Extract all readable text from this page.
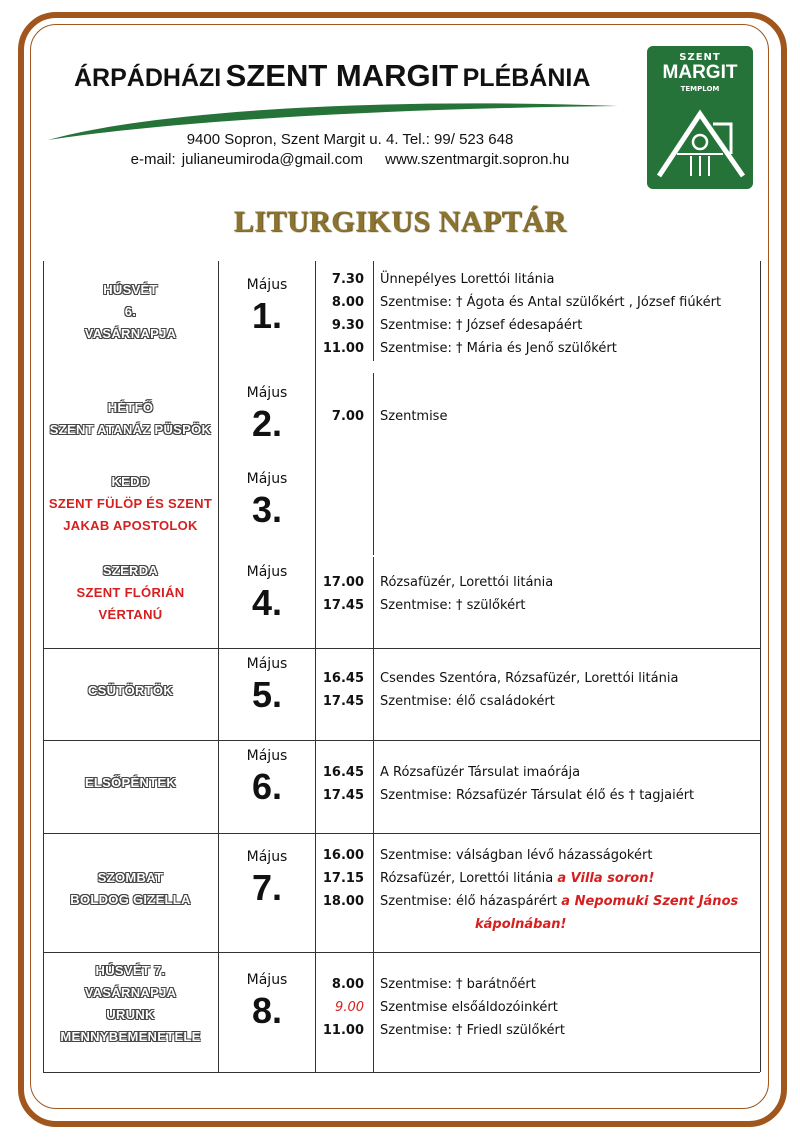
ÁRPÁDHÁZI SZENT MARGIT PLÉBÁNIA
9400 Sopron, Szent Margit u. 4. Tel.: 99/ 523 648
e-mail: julianeumiroda@gmail.com www.szentmargit.sopron.hu
SZENT
MARGIT
TEMPLOM
LITURGIKUS NAPTÁR
HÚSVÉT
6.
VASÁRNAPJA
Május
1.
7.30 Ünnepélyes Lorettói litánia
8.00 Szentmise: † Ágota és Antal szülőkért , József fiúkért
9.30 Szentmise: † József édesapáért
11.00 Szentmise: † Mária és Jenő szülőkért
HÉTFŐ
SZENT ATANÁZ PÜSPÖK
Május
2.	7.00 Szentmise
KEDD
SZENT FÜLÖP ÉS SZENT
JAKAB APOSTOLOK
Május
3.
SZERDA
SZENT FLÓRIÁN
VÉRTANÚ
Május
4.	17.00 Rózsafüzér, Lorettói litánia
17.45 Szentmise: † szülőkért
CSÜTÖRTÖK
Május
5.	16.45 Csendes Szentóra, Rózsafüzér, Lorettói litánia
17.45 Szentmise: élő családokért
ELSŐPÉNTEK
Május
6.	16.45 A Rózsafüzér Társulat imaórája
17.45 Szentmise: Rózsafüzér Társulat élő és † tagjaiért
SZOMBAT
BOLDOG GIZELLA
Május
7.
16.00 Szentmise: válságban lévő házasságokért
17.15 Rózsafüzér, Lorettói litánia a Villa soron!
18.00 Szentmise: élő házaspárért a Nepomuki Szent János
kápolnában!
HÚSVÉT 7.
VASÁRNAPJA
URUNK
MENNYBEMENETELE
Május
8.
8.00 Szentmise: † barátnőért
9.00 Szentmise elsőáldozóinkért
11.00 Szentmise: † Friedl szülőkért
